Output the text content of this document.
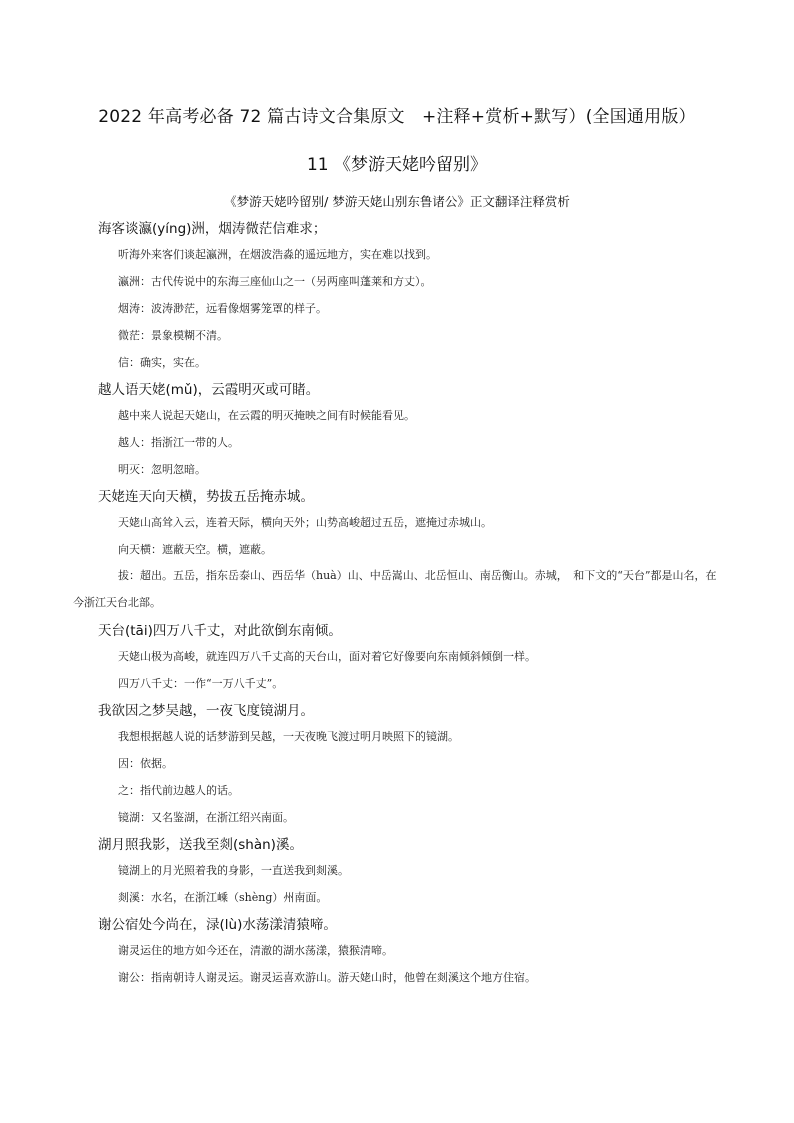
2022 年高考必备 72 篇古诗文合集原文　+注释+赏析+默写）(全国通用版）
11 《梦游天姥吟留别》
《梦游天姥吟留别/ 梦游天姥山别东鲁诸公》正文翻译注释赏析
海客谈瀛(yíng)洲，烟涛微茫信难求；
听海外来客们谈起瀛洲，在烟波浩淼的遥远地方，实在难以找到。
瀛洲：古代传说中的东海三座仙山之一（另两座叫蓬莱和方丈）。
烟涛：波涛渺茫，远看像烟雾笼罩的样子。
微茫：景象模糊不清。
信：确实，实在。
越人语天姥(mǔ)，云霞明灭或可睹。
越中来人说起天姥山，在云霞的明灭掩映之间有时候能看见。
越人：指浙江一带的人。
明灭：忽明忽暗。
天姥连天向天横，势拔五岳掩赤城。
天姥山高耸入云，连着天际，横向天外；山势高峻超过五岳，遮掩过赤城山。
向天横：遮蔽天空。横，遮蔽。
拔：超出。五岳，指东岳泰山、西岳华（huà）山、中岳嵩山、北岳恒山、南岳衡山。赤城，　和下文的“天台”都是山名，在今浙江天台北部。
天台(tāi)四万八千丈，对此欲倒东南倾。
天姥山极为高峻，就连四万八千丈高的天台山，面对着它好像要向东南倾斜倾倒一样。
四万八千丈：一作“一万八千丈”。
我欲因之梦吴越，一夜飞度镜湖月。
我想根据越人说的话梦游到吴越，一天夜晚飞渡过明月映照下的镜湖。
因：依据。
之：指代前边越人的话。
镜湖：又名鉴湖，在浙江绍兴南面。
湖月照我影，送我至剡(shàn)溪。
镜湖上的月光照着我的身影，一直送我到剡溪。
剡溪：水名，在浙江嵊（shèng）州南面。
谢公宿处今尚在，渌(lù)水荡漾清猿啼。
谢灵运住的地方如今还在，清澈的湖水荡漾，猿猴清啼。
谢公：指南朝诗人谢灵运。谢灵运喜欢游山。游天姥山时，他曾在剡溪这个地方住宿。
